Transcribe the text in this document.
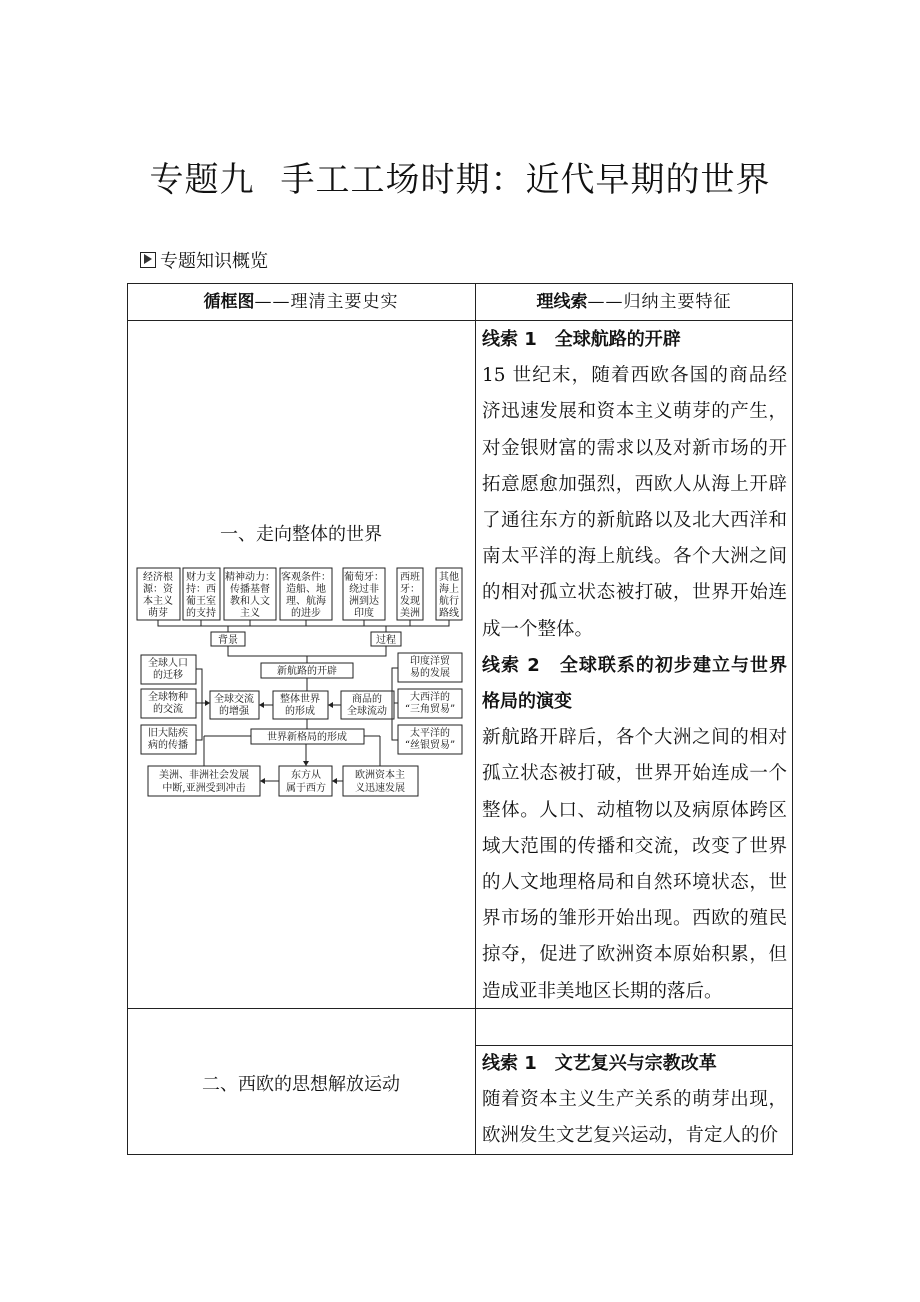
专题九 手工工场时期：近代早期的世界
专题知识概览
循框图——理清主要史实	理线索——归纳主要特征
一、走向整体的世界
经济根源：资本主义萌芽
财力支持：西葡王室的支持
精神动力：传播基督教和人文主义
客观条件：造船、地理、航海的进步
葡萄牙：绕过非洲到达印度
西班牙：发现美洲
其他海上航行路线
背景	过程
新航路的开辟
全球交流的增强
整体世界的形成
商品的全球流动
世界新格局的形成
全球人口的迁移
全球物种的交流
旧大陆疾病的传播
印度洋贸易的发展
大西洋的“三角贸易”
太平洋的“丝银贸易”
美洲、非洲社会发展中断,亚洲受到冲击
东方从属于西方
欧洲资本主义迅速发展

线索 1　全球航路的开辟

15 世纪末，随着西欧各国的商品经济迅速发展和资本主义萌芽的产生，对金银财富的需求以及对新市场的开拓意愿愈加强烈，西欧人从海上开辟了通往东方的新航路以及北大西洋和南太平洋的海上航线。各个大洲之间的相对孤立状态被打破，世界开始连成一个整体。

线索 2　全球联系的初步建立与世界格局的演变

新航路开辟后，各个大洲之间的相对孤立状态被打破，世界开始连成一个整体。人口、动植物以及病原体跨区域大范围的传播和交流，改变了世界的人文地理格局和自然环境状态，世界市场的雏形开始出现。西欧的殖民掠夺，促进了欧洲资本原始积累，但造成亚非美地区长期的落后。

二、西欧的思想解放运动

线索 1　文艺复兴与宗教改革

随着资本主义生产关系的萌芽出现，欧洲发生文艺复兴运动，肯定人的价
